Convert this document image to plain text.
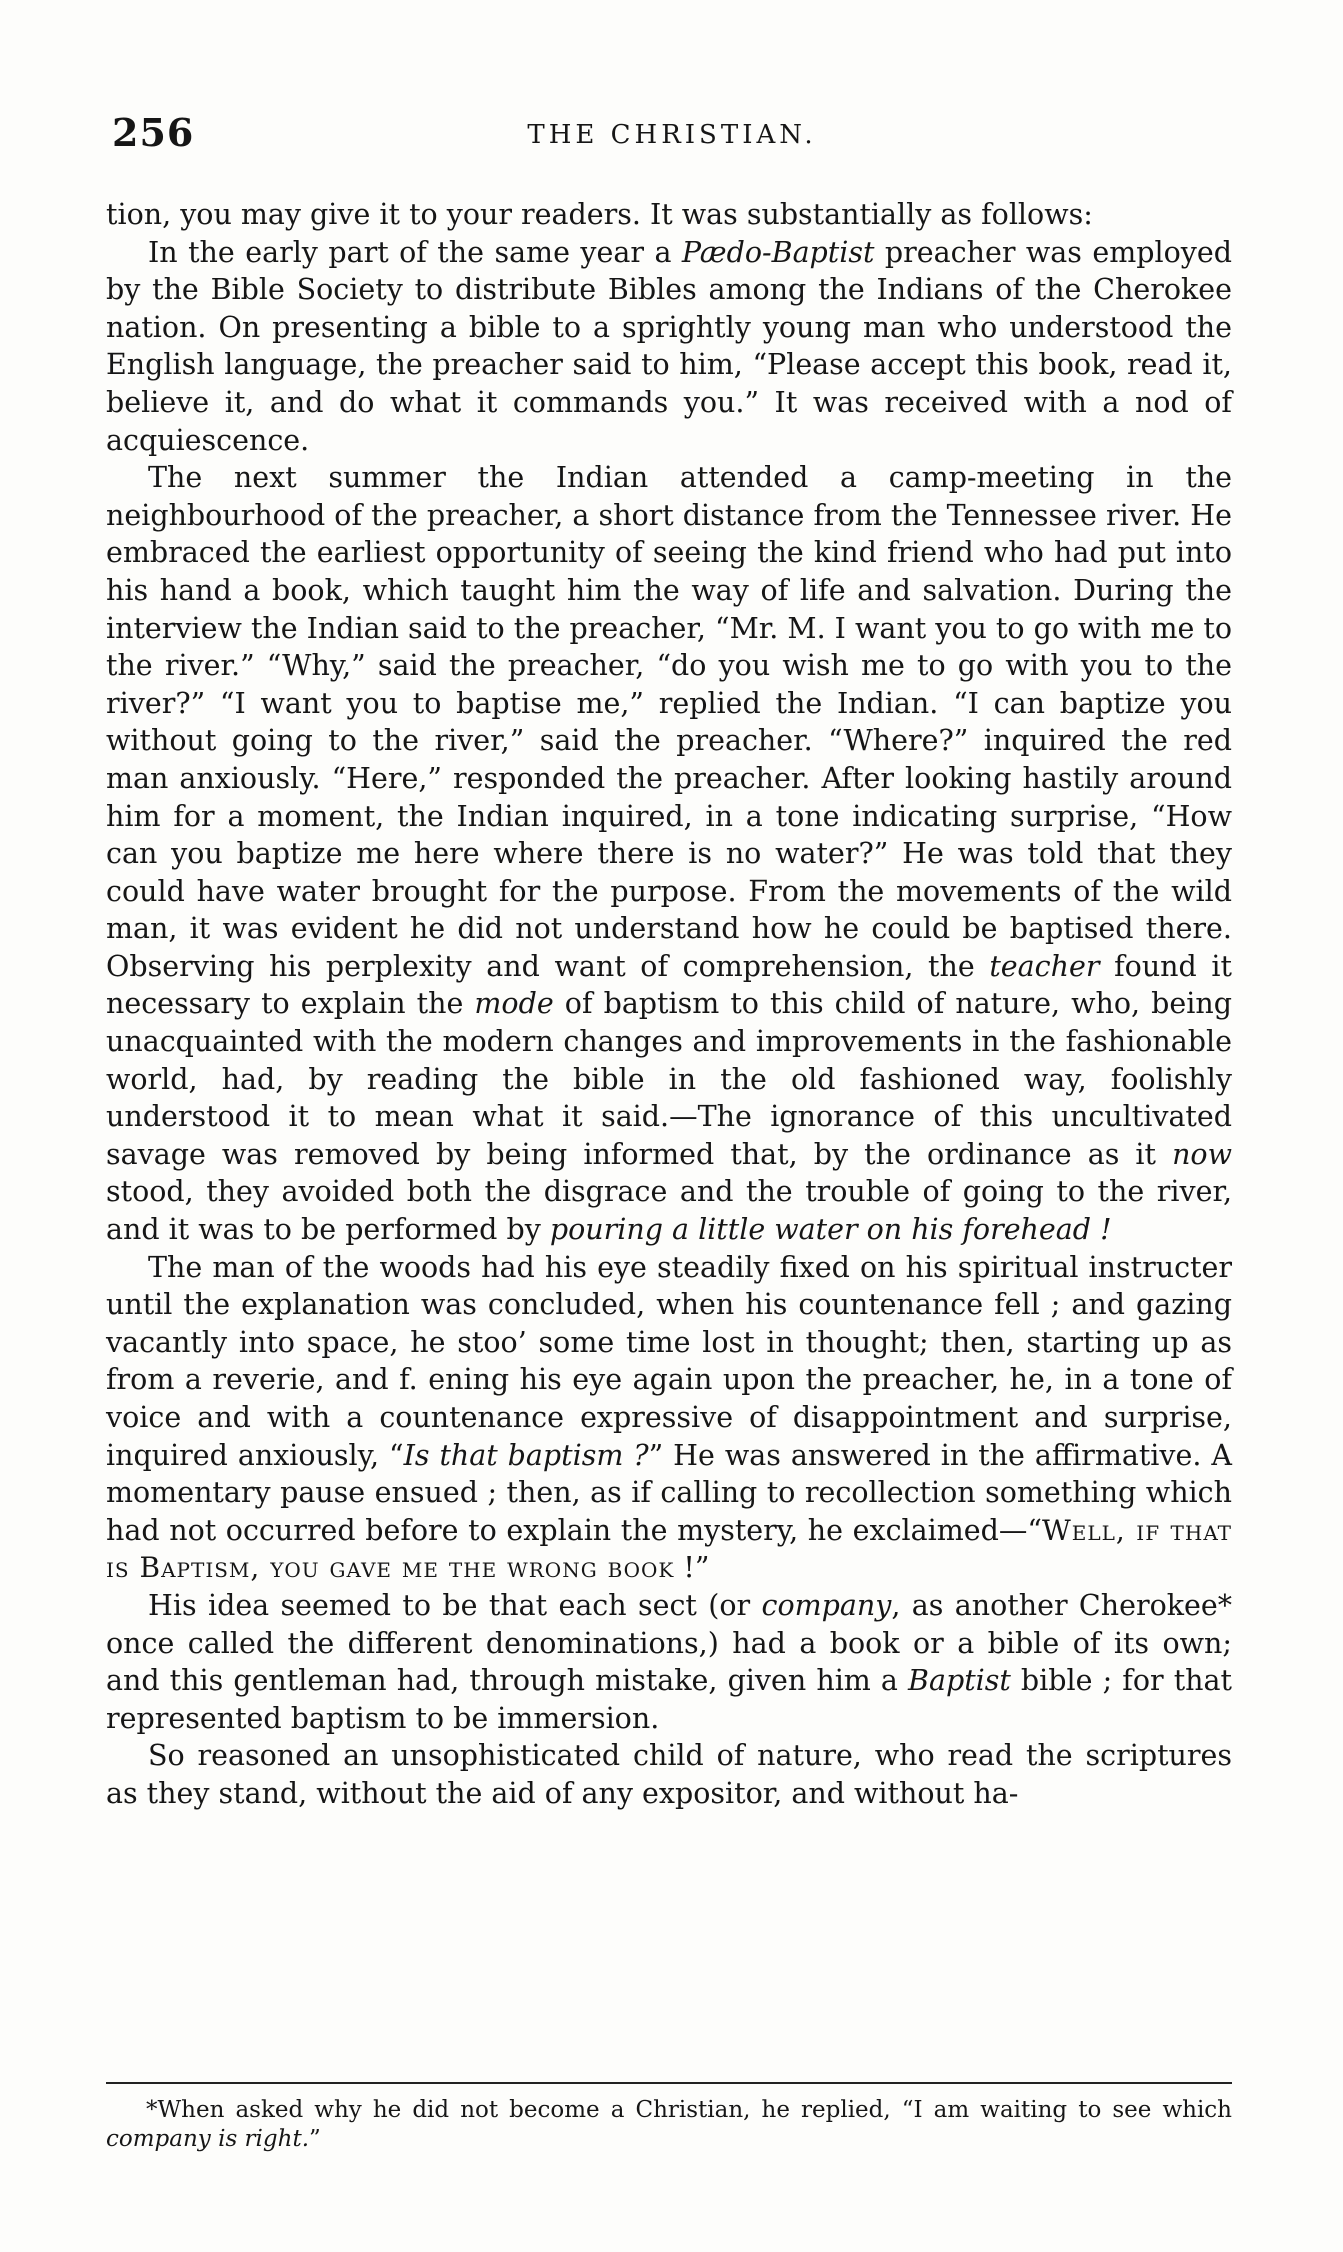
256	THE CHRISTIAN.

tion, you may give it to your readers. It was substantially as follows:

In the early part of the same year a Pædo-Baptist preacher was employed by the Bible Society to distribute Bibles among the Indians of the Cherokee nation. On presenting a bible to a sprightly young man who understood the English language, the preacher said to him, “Please accept this book, read it, believe it, and do what it commands you.” It was received with a nod of acquiescence.

The next summer the Indian attended a camp-meeting in the neighbourhood of the preacher, a short distance from the Tennessee river. He embraced the earliest opportunity of seeing the kind friend who had put into his hand a book, which taught him the way of life and salvation. During the interview the Indian said to the preacher, “Mr. M. I want you to go with me to the river.” “Why,” said the preacher, “do you wish me to go with you to the river?” “I want you to baptise me,” replied the Indian. “I can baptize you without going to the river,” said the preacher. “Where?” inquired the red man anxiously. “Here,” responded the preacher. After looking hastily around him for a moment, the Indian inquired, in a tone indicating surprise, “How can you baptize me here where there is no water?” He was told that they could have water brought for the purpose. From the movements of the wild man, it was evident he did not understand how he could be baptised there. Observing his perplexity and want of comprehension, the teacher found it necessary to explain the mode of baptism to this child of nature, who, being unacquainted with the modern changes and improvements in the fashionable world, had, by reading the bible in the old fashioned way, foolishly understood it to mean what it said.—The ignorance of this uncultivated savage was removed by being informed that, by the ordinance as it now stood, they avoided both the disgrace and the trouble of going to the river, and it was to be performed by pouring a little water on his forehead !

The man of the woods had his eye steadily fixed on his spiritual instructer until the explanation was concluded, when his countenance fell ; and gazing vacantly into space, he stoo’ some time lost in thought; then, starting up as from a reverie, and f. ening his eye again upon the preacher, he, in a tone of voice and with a countenance expressive of disappointment and surprise, inquired anxiously, “Is that baptism ?” He was answered in the affirmative. A momentary pause ensued ; then, as if calling to recollection something which had not occurred before to explain the mystery, he exclaimed—“Well, if that is Baptism, you gave me the wrong book !”

His idea seemed to be that each sect (or company, as another Cherokee* once called the different denominations,) had a book or a bible of its own; and this gentleman had, through mistake, given him a Baptist bible ; for that represented baptism to be immersion.

So reasoned an unsophisticated child of nature, who read the scriptures as they stand, without the aid of any expositor, and without ha-

*When asked why he did not become a Christian, he replied, “I am waiting to see which company is right.”
